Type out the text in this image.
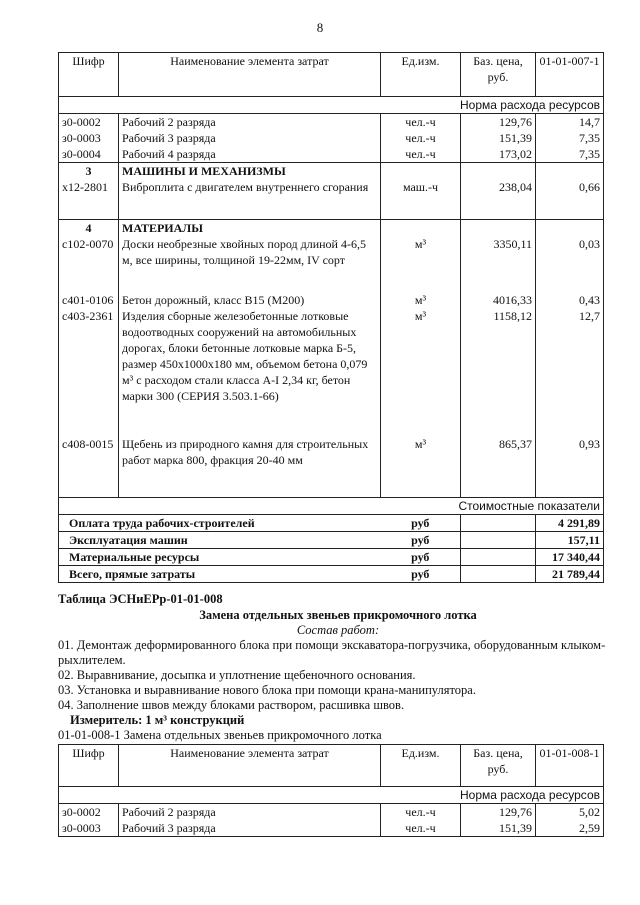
8
Шифр	Наименование элемента затрат	Ед.изм.	Баз. цена, руб.	01-01-007-1
Норма расхода ресурсов				
з0-0002	Рабочий 2 разряда	чел.-ч	129,76	14,7
з0-0003	Рабочий 3 разряда	чел.-ч	151,39	7,35
з0-0004	Рабочий 4 разряда	чел.-ч	173,02	7,35
3	МАШИНЫ И МЕХАНИЗМЫ			
х12-2801	Виброплита с двигателем внутреннего сгорания	маш.-ч	238,04	0,66
4	МАТЕРИАЛЫ			
с102-0070	Доски необрезные хвойных пород длиной 4-6,5 м, все ширины, толщиной 19-22мм, IV сорт	м³	3350,11	0,03
с401-0106	Бетон дорожный, класс В15 (М200)	м³	4016,33	0,43
с403-2361	Изделия сборные железобетонные лотковые водоотводных сооружений на автомобильных дорогах, блоки бетонные лотковые марка Б-5, размер 450х1000х180 мм, объемом бетона 0,079 м³ с расходом стали класса А-I 2,34 кг, бетон марки 300 (СЕРИЯ 3.503.1-66)	м³	1158,12	12,7
с408-0015	Щебень из природного камня для строительных работ марка 800, фракция 20-40 мм	м³	865,37	0,93
Стоимостные показатели				
Оплата труда рабочих-строителей		руб		4 291,89
Эксплуатация машин		руб		157,11
Материальные ресурсы		руб		17 340,44
Всего, прямые затраты		руб		21 789,44
Таблица ЭСНиЕРр-01-01-008
Замена отдельных звеньев прикромочного лотка
Состав работ:
01. Демонтаж деформированного блока при помощи экскаватора-погрузчика, оборудованным клыком-рыхлителем.
02. Выравнивание, досыпка и уплотнение щебеночного основания.
03. Установка и выравнивание нового блока при помощи крана-манипулятора.
04. Заполнение швов между блоками раствором, расшивка швов.
Измеритель: 1 м³ конструкций
01-01-008-1 Замена отдельных звеньев прикромочного лотка
Шифр	Наименование элемента затрат	Ед.изм.	Баз. цена, руб.	01-01-008-1
Норма расхода ресурсов				
з0-0002	Рабочий 2 разряда	чел.-ч	129,76	5,02
з0-0003	Рабочий 3 разряда	чел.-ч	151,39	2,59
